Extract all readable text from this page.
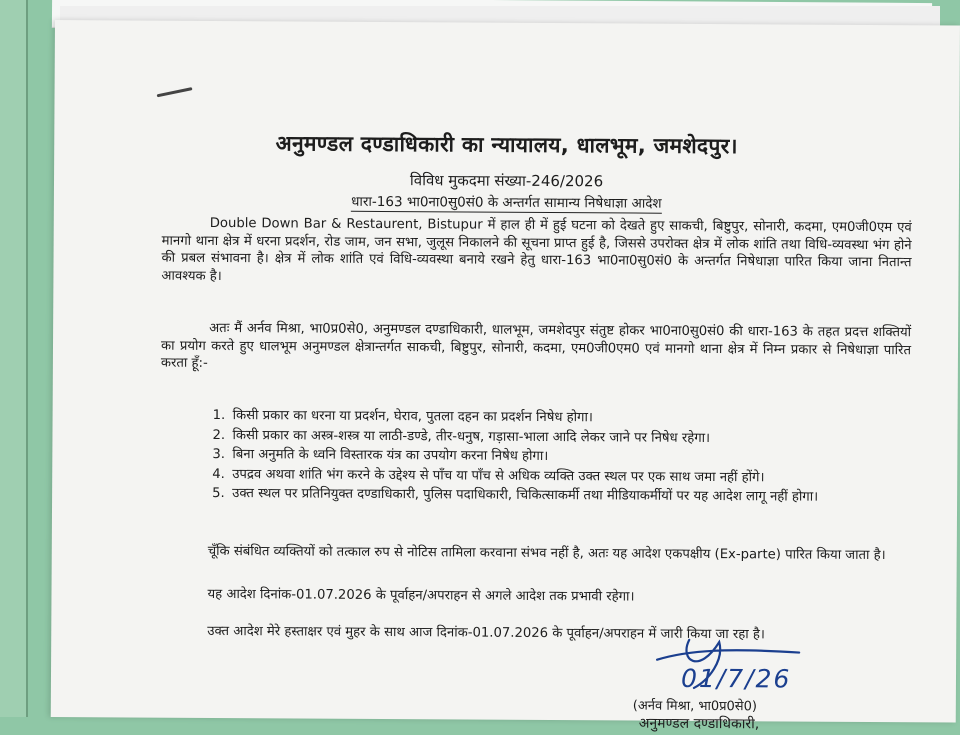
अनुमण्डल दण्डाधिकारी का न्यायालय, धालभूम, जमशेदपुर।
विविध मुकदमा संख्या-246/2026
धारा-163 भा0ना0सु0सं0 के अन्तर्गत सामान्य निषेधाज्ञा आदेश
Double Down Bar & Restaurent, Bistupur में हाल ही में हुई घटना को देखते हुए साकची, बिष्टुपुर, सोनारी, कदमा, एम0जी0एम एवं मानगो थाना क्षेत्र में धरना प्रदर्शन, रोड जाम, जन सभा, जुलूस निकालने की सूचना प्राप्त हुई है, जिससे उपरोक्त क्षेत्र में लोक शांति तथा विधि-व्यवस्था भंग होने की प्रबल संभावना है। क्षेत्र में लोक शांति एवं विधि-व्यवस्था बनाये रखने हेतु धारा-163 भा0ना0सु0सं0 के अन्तर्गत निषेधाज्ञा पारित किया जाना नितान्त आवश्यक है।
अतः मैं अर्नव मिश्रा, भा0प्र0से0, अनुमण्डल दण्डाधिकारी, धालभूम, जमशेदपुर संतुष्ट होकर भा0ना0सु0सं0 की धारा-163 के तहत प्रदत्त शक्तियों का प्रयोग करते हुए धालभूम अनुमण्डल क्षेत्रान्तर्गत साकची, बिष्टुपुर, सोनारी, कदमा, एम0जी0एम0 एवं मानगो थाना क्षेत्र में निम्न प्रकार से निषेधाज्ञा पारित करता हूँ:-
1. किसी प्रकार का धरना या प्रदर्शन, घेराव, पुतला दहन का प्रदर्शन निषेध होगा।
2. किसी प्रकार का अस्त्र-शस्त्र या लाठी-डण्डे, तीर-धनुष, गड़ासा-भाला आदि लेकर जाने पर निषेध रहेगा।
3. बिना अनुमति के ध्वनि विस्तारक यंत्र का उपयोग करना निषेध होगा।
4. उपद्रव अथवा शांति भंग करने के उद्देश्य से पाँच या पाँच से अधिक व्यक्ति उक्त स्थल पर एक साथ जमा नहीं होंगे।
5. उक्त स्थल पर प्रतिनियुक्त दण्डाधिकारी, पुलिस पदाधिकारी, चिकित्साकर्मी तथा मीडियाकर्मीयों पर यह आदेश लागू नहीं होगा।
चूँकि संबंधित व्यक्तियों को तत्काल रुप से नोटिस तामिला करवाना संभव नहीं है, अतः यह आदेश एकपक्षीय (Ex-parte) पारित किया जाता है।
यह आदेश दिनांक-01.07.2026 के पूर्वाहन/अपराहन से अगले आदेश तक प्रभावी रहेगा।
उक्त आदेश मेरे हस्ताक्षर एवं मुहर के साथ आज दिनांक-01.07.2026 के पूर्वाहन/अपराहन में जारी किया जा रहा है।
01/7/26
(अर्नव मिश्रा, भा0प्र0से0)
अनुमण्डल दण्डाधिकारी,
